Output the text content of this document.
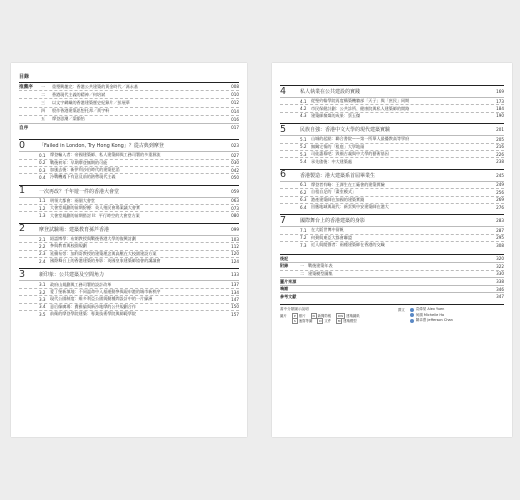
目錄
推薦序	一	重塑興趣完：香港公共建築的黃金時代／馮永基	008
二	香港現代主義的精神／何培斌	010
三	以文字網織的香港建築歷史紀錄片／彭展華	012
四	殷作香港建築思想托邦／黃宇軒	014
五	摩登思潮／梁韻怡	016
自序	017
0	「Failed in London, Try Hong Kong」？從古典到摩登	023
0.1	摩登輸入者：帝國建築師、私人建築師與工務司署的多重源流	027
0.2	戰後初年：早期摩登無期的可能	030
0.3	加風去後：新伊利沙伯時代的建築犯滔	042
0.4	冷戰機遇下有意及前的熱帶現代主義	050
1	一次再改？千年遊一件的香港大會堂	059
1.1	明領大都會：兩個大會堂	063
1.2	大會堂規劃的前期紛擾：英人殖民會場案議大會實	073
1.3	大會堂規劃的前期搭討 II：平行時空的大會堂方案	080
2	摩登試驗場：建築教育孫芦香港	099
2.1	紹認博學：布朗教授與戰後香港大學的復興討劃	103
2.2	參與教育與校園規劃	112
2.3	延續布勞：加利哥教授的建築理念與高壓在大校園建設方案	120
2.4	國際舞台上的香港建築的身影：英國皇家建築師協會的講議會	124
3	新印象：公共建築及空間角力	133
3.1	政府山規劃與工務司署的設計改革	137
3.2	愛丁堡新填地：不同溫命中入基運動參與現申港的城市新秩序	134
3.3	現代公園制度：維多利亞公園與動種問設計中的一片綠洲	147
3.4	意后像廣場：費雅倫與新沙地摩的公共規劃合作	150
3.5	前衛的摩登學院建築：專業技術學院與師範學院	157
4	私人執業在公共建設的實踐	169
4.1	從聖約翰學院再度構築機牆部「天子」與「庶民」同期	173
4.2	市民保健計劃：公共診所、健康院與私人建築師的開路	184
4.3	建築師黎煒的成果：蔡玉傑	190
5	民族自強：香港中文大學的現代建築實驗	201
5.1	山城的起點：聯合書院——第一所華人最優教高等學府	205
5.2	無關宅情的「租庭」大學地頭	216
5.3	司徒惠幕吧：毀顏古義與中大學的藝術基因	226
5.4	承先啟後：中大建築處	238
6	香港製造：港大建築系首屆畢業生	245
6.1	摩登者有略：王澤生在工廠會的建築實驗	249
6.2	自租自足的「畫室模式」	256
6.3	港產建築師在加國的建築實踐	269
6.4	回應地域與現代：新雲獎中安建築師在港大	276
7	國際舞台上的香港建築的身影	283
7.1	在大阪世博中留帆	287
7.2	何弼與東亞大都會聯盟	295
7.3	近人與閱聲者：兩種建築師在香港的交織	308
後記	320
附錄	一 戰後建築年表	322
二 建築模型圖集	330
圖片來源	338
鳴謝	346
參考文獻	347
書中分類圖示說明
圖片	P 照片 N 新聞剪報 DW 建築圖紙
S 速寫等圖 D 文件 M 建築模型
撰文	袁偉榮 Alex Yuen
何韻 Michelle Ho
陳卓熹 Jefferson Chan
